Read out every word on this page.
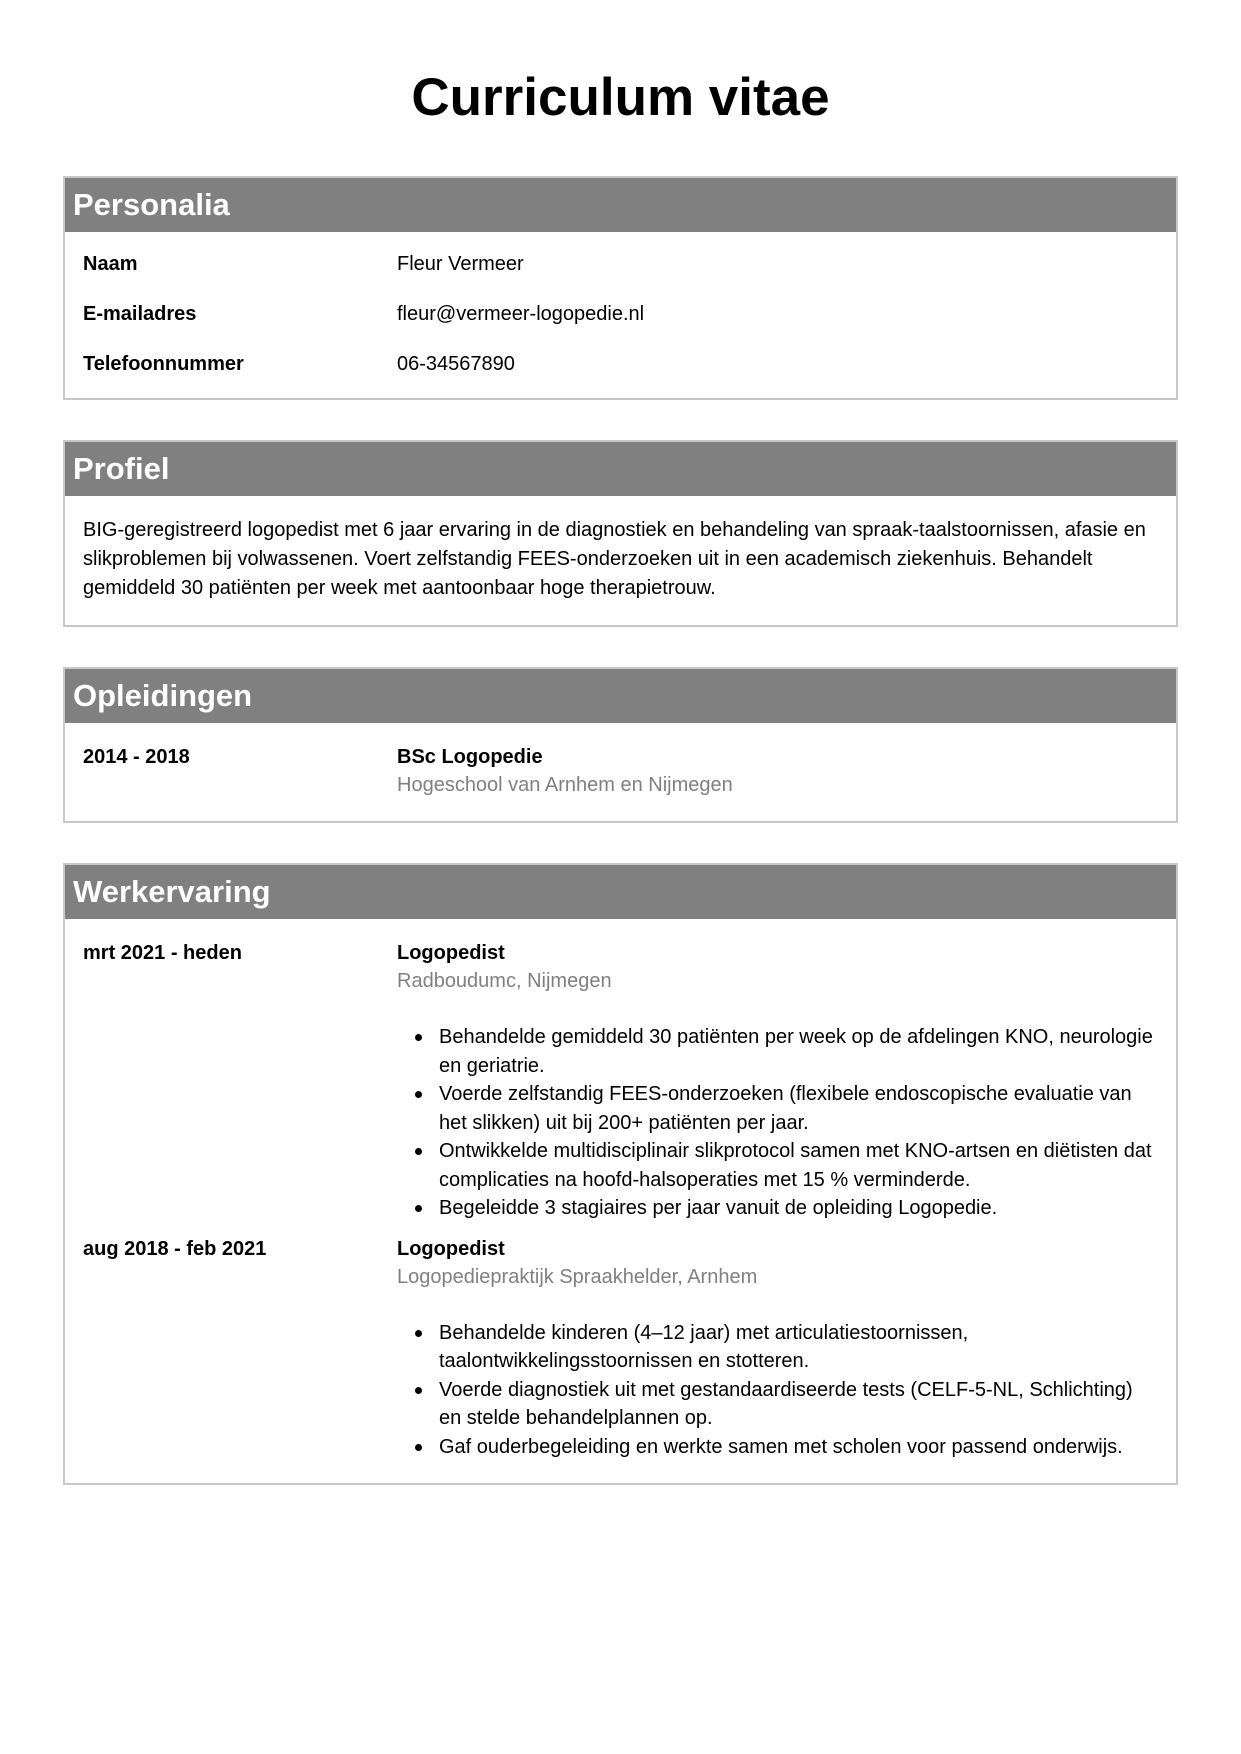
Curriculum vitae
Personalia
Naam	Fleur Vermeer
E-mailadres	fleur@vermeer-logopedie.nl
Telefoonnummer	06-34567890
Profiel

BIG-geregistreerd logopedist met 6 jaar ervaring in de diagnostiek en behandeling van spraak-taalstoornissen, afasie en slikproblemen bij volwassenen. Voert zelfstandig FEES-onderzoeken uit in een academisch ziekenhuis. Behandelt gemiddeld 30 patiënten per week met aantoonbaar hoge therapietrouw.

Opleidingen
2014 - 2018	BSc Logopedie
Hogeschool van Arnhem en Nijmegen
Werkervaring
mrt 2021 - heden	Logopedist
Radboudumc, Nijmegen
Behandelde gemiddeld 30 patiënten per week op de afdelingen KNO, neurologie en geriatrie.
Voerde zelfstandig FEES-onderzoeken (flexibele endoscopische evaluatie van het slikken) uit bij 200+ patiënten per jaar.
Ontwikkelde multidisciplinair slikprotocol samen met KNO-artsen en diëtisten dat complicaties na hoofd-halsoperaties met 15 % verminderde.
Begeleidde 3 stagiaires per jaar vanuit de opleiding Logopedie.
aug 2018 - feb 2021	Logopedist
Logopediepraktijk Spraakhelder, Arnhem
Behandelde kinderen (4–12 jaar) met articulatiestoornissen, taalontwikkelingsstoornissen en stotteren.
Voerde diagnostiek uit met gestandaardiseerde tests (CELF-5-NL, Schlichting) en stelde behandelplannen op.
Gaf ouderbegeleiding en werkte samen met scholen voor passend onderwijs.
